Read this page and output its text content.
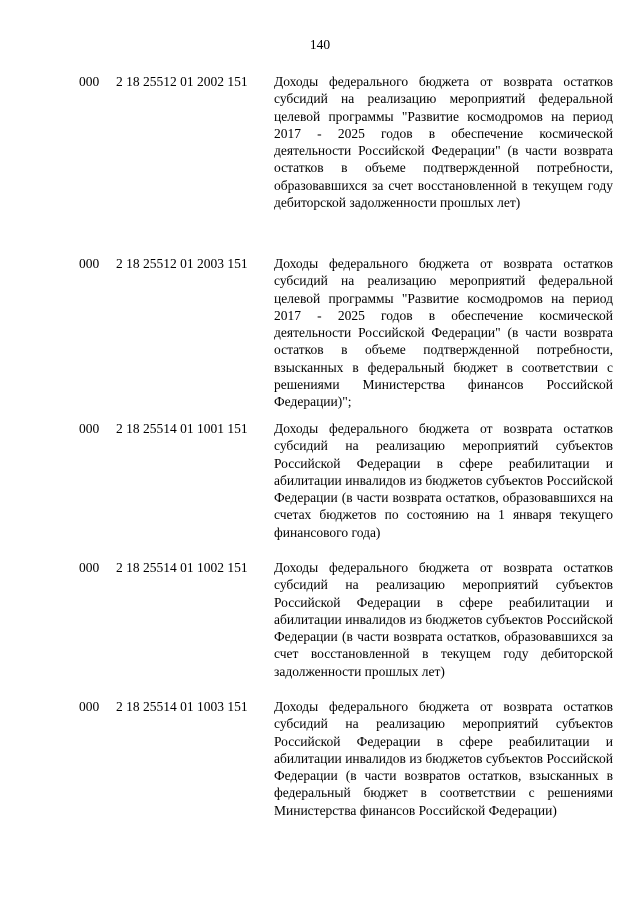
140
000 2 18 25512 01 2002 151 Доходы федерального бюджета от возврата остатков субсидий на реализацию мероприятий федеральной целевой программы "Развитие космодромов на период 2017 - 2025 годов в обеспечение космической деятельности Российской Федерации" (в части возврата остатков в объеме подтвержденной потребности, образовавшихся за счет восстановленной в текущем году дебиторской задолженности прошлых лет)
000 2 18 25512 01 2003 151 Доходы федерального бюджета от возврата остатков субсидий на реализацию мероприятий федеральной целевой программы "Развитие космодромов на период 2017 - 2025 годов в обеспечение космической деятельности Российской Федерации" (в части возврата остатков в объеме подтвержденной потребности, взысканных в федеральный бюджет в соответствии с решениями Министерства финансов Российской Федерации)";
000 2 18 25514 01 1001 151 Доходы федерального бюджета от возврата остатков субсидий на реализацию мероприятий субъектов Российской Федерации в сфере реабилитации и абилитации инвалидов из бюджетов субъектов Российской Федерации (в части возврата остатков, образовавшихся на счетах бюджетов по состоянию на 1 января текущего финансового года)
000 2 18 25514 01 1002 151 Доходы федерального бюджета от возврата остатков субсидий на реализацию мероприятий субъектов Российской Федерации в сфере реабилитации и абилитации инвалидов из бюджетов субъектов Российской Федерации (в части возврата остатков, образовавшихся за счет восстановленной в текущем году дебиторской задолженности прошлых лет)
000 2 18 25514 01 1003 151 Доходы федерального бюджета от возврата остатков субсидий на реализацию мероприятий субъектов Российской Федерации в сфере реабилитации и абилитации инвалидов из бюджетов субъектов Российской Федерации (в части возвратов остатков, взысканных в федеральный бюджет в соответствии с решениями Министерства финансов Российской Федерации)
